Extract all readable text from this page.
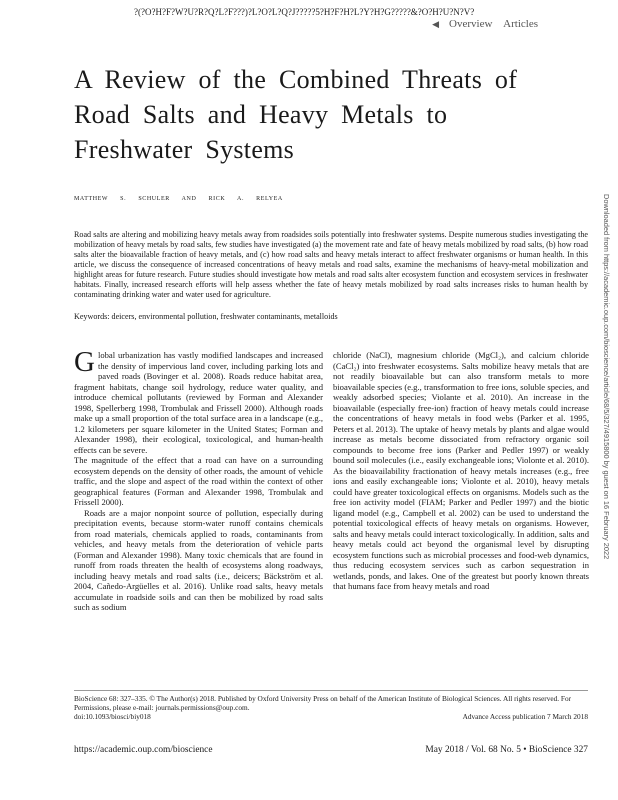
?(?O?H?F?W?U?R?Q?L?F???)?L?O?L?Q?J?????5?H?F?H?L?Y?H?G?????&?O?H?U?N?V?
◀ Overview Articles
A Review of the Combined Threats of Road Salts and Heavy Metals to Freshwater Systems
MATTHEW S. SCHULER AND RICK A. RELYEA

Road salts are altering and mobilizing heavy metals away from roadsides soils potentially into freshwater systems. Despite numerous studies investigating the mobilization of heavy metals by road salts, few studies have investigated (a) the movement rate and fate of heavy metals mobilized by road salts, (b) how road salts alter the bioavailable fraction of heavy metals, and (c) how road salts and heavy metals interact to affect freshwater organisms or human health. In this article, we discuss the consequence of increased concentrations of heavy metals and road salts, examine the mechanisms of heavy-metal mobilization and highlight areas for future research. Future studies should investigate how metals and road salts alter ecosystem function and ecosystem services in freshwater habitats. Finally, increased research efforts will help assess whether the fate of heavy metals mobilized by road salts increases risks to human health by contaminating drinking water and water used for agriculture.

Keywords: deicers, environmental pollution, freshwater contaminants, metalloids

Global urbanization has vastly modified landscapes and increased the density of impervious land cover, including parking lots and paved roads (Bovinger et al. 2008). Roads reduce habitat area, fragment habitats, change soil hydrology, reduce water quality, and introduce chemical pollutants (reviewed by Forman and Alexander 1998, Spellerberg 1998, Trombulak and Frissell 2000). Although roads make up a small proportion of the total surface area in a landscape (e.g., 1.2 kilometers per square kilometer in the United States; Forman and Alexander 1998), their ecological, toxicological, and human-health effects can be severe.

The magnitude of the effect that a road can have on a surrounding ecosystem depends on the density of other roads, the amount of vehicle traffic, and the slope and aspect of the road within the context of other geographical features (Forman and Alexander 1998, Trombulak and Frissell 2000).

Roads are a major nonpoint source of pollution, especially during precipitation events, because storm-water runoff contains chemicals from road materials, chemicals applied to roads, contaminants from vehicles, and heavy metals from the deterioration of vehicle parts (Forman and Alexander 1998). Many toxic chemicals that are found in runoff from roads threaten the health of ecosystems along roadways, including heavy metals and road salts (i.e., deicers; Bäckström et al. 2004, Cañedo-Argüelles et al. 2016). Unlike road salts, heavy metals accumulate in roadside soils and can then be mobilized by road salts such as sodium

chloride (NaCl), magnesium chloride (MgCl₂), and calcium chloride (CaCl₂) into freshwater ecosystems. Salts mobilize heavy metals that are not readily bioavailable but can also transform metals to more bioavailable species (e.g., transformation to free ions, soluble species, and weakly adsorbed species; Violante et al. 2010). An increase in the bioavailable (especially free-ion) fraction of heavy metals could increase the concentrations of heavy metals in food webs (Parker et al. 1995, Peters et al. 2013). The uptake of heavy metals by plants and algae would increase as metals become dissociated from refractory organic soil compounds to become free ions (Parker and Pedler 1997) or weakly bound soil molecules (i.e., easily exchangeable ions; Violonte et al. 2010). As the bioavailability fractionation of heavy metals increases (e.g., free ions and easily exchangeable ions; Violonte et al. 2010), heavy metals could have greater toxicological effects on organisms. Models such as the free ion activity model (FIAM; Parker and Pedler 1997) and the biotic ligand model (e.g., Campbell et al. 2002) can be used to understand the potential toxicological effects of heavy metals on organisms. However, salts and heavy metals could interact toxicologically. In addition, salts and heavy metals could act beyond the organismal level by disrupting ecosystem functions such as microbial processes and food-web dynamics, thus reducing ecosystem services such as carbon sequestration in wetlands, ponds, and lakes. One of the greatest but poorly known threats that humans face from heavy metals and road

BioScience 68: 327–335. © The Author(s) 2018. Published by Oxford University Press on behalf of the American Institute of Biological Sciences. All rights reserved. For Permissions, please e-mail: journals.permissions@oup.com.
doi:10.1093/biosci/biy018	Advance Access publication 7 March 2018
https://academic.oup.com/bioscience	May 2018 / Vol. 68 No. 5 • BioScience 327
Downloaded from https://academic.oup.com/bioscience/article/68/5/327/4915800 by guest on 16 February 2022
